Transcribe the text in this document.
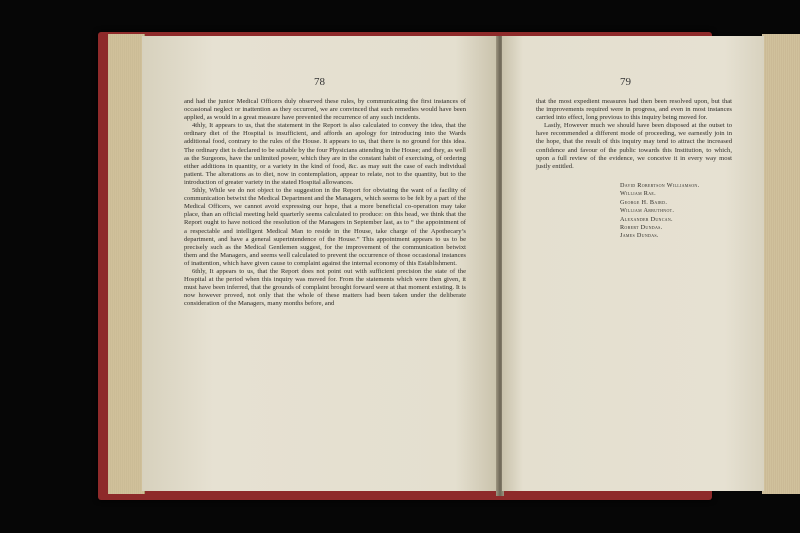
78

and had the junior Medical Officers duly observed these rules, by communicating the first instances of occasional neglect or inattention as they occurred, we are convinced that such remedies would have been applied, as would in a great measure have prevented the recurrence of any such incidents.

4thly, It appears to us, that the statement in the Report is also calculated to convey the idea, that the ordinary diet of the Hospital is insufficient, and affords an apology for introducing into the Wards additional food, contrary to the rules of the House. It appears to us, that there is no ground for this idea. The ordinary diet is declared to be suitable by the four Physicians attending in the House; and they, as well as the Surgeons, have the unlimited power, which they are in the constant habit of exercising, of ordering either additions in quantity, or a variety in the kind of food, &c. as may suit the case of each individual patient. The alterations as to diet, now in contemplation, appear to relate, not to the quantity, but to the introduction of greater variety in the stated Hospital allowances.

5thly, While we do not object to the suggestion in the Report for obviating the want of a facility of communication betwixt the Medical Department and the Managers, which seems to be felt by a part of the Medical Officers, we cannot avoid expressing our hope, that a more beneficial co-operation may take place, than an official meeting held quarterly seems calculated to produce: on this head, we think that the Report ought to have noticed the resolution of the Managers in September last, as to “ the appointment of a respectable and intelligent Medical Man to reside in the House, take charge of the Apothecary’s department, and have a general superintendence of the House.” This appointment appears to us to be precisely such as the Medical Gentlemen suggest, for the improvement of the communication betwixt them and the Managers, and seems well calculated to prevent the occurrence of those occasional instances of inattention, which have given cause to complaint against the internal economy of this Establishment.

6thly, It appears to us, that the Report does not point out with sufficient precision the state of the Hospital at the period when this inquiry was moved for. From the statements which were then given, it must have been inferred, that the grounds of complaint brought forward were at that moment existing. It is now however proved, not only that the whole of these matters had been taken under the deliberate consideration of the Managers, many months before, and

79

that the most expedient measures had then been resolved upon, but that the improvements required were in progress, and even in most instances carried into effect, long previous to this inquiry being moved for.

Lastly, However much we should have been disposed at the outset to have recommended a different mode of proceeding, we earnestly join in the hope, that the result of this inquiry may tend to attract the increased confidence and favour of the public towards this Institution, to which, upon a full review of the evidence, we conceive it in every way most justly entitled.

David Robertson Williamson.
William Rae.
George H. Baird.
William Arbuthnot.
Alexander Duncan.
Robert Dundas.
James Dundas.
